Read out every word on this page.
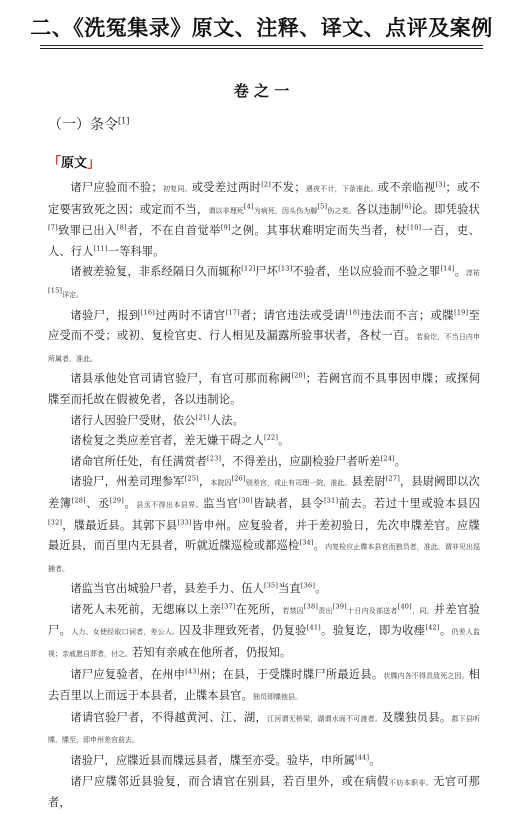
二、《洗冤集录》原文、注释、译文、点评及案例
卷 之 一
（一）条令[1]
「原文」

诸尸应验而不验；初复同。或受差过两时[2]不发；遇夜不计，下条准此。或不亲临视[3]；或不定要害致死之因；或定而不当，谓以非理死[4]为病死，因头伤为脚[5]伤之类。各以违制[6]论。即凭验状[7]致罪已出入[8]者，不在自首觉举[9]之例。其事状难明定而失当者，杖[10]一百，吏、人、行人[11]一等科罪。

诸被差验复，非系经隔日久而辄称[12]尸坏[13]不验者，坐以应验而不验之罪[14]。淳祐[15]详定。

诸验尸，报到[16]过两时不请官[17]者；请官违法或受请[18]违法而不言；或牒[19]至应受而不受；或初、复检官吏、行人相见及漏露所验事状者，各杖一百。若验讫，不当日内申所属者，准此。

诸县承他处官司请官验尸，有官可那而称阙[20]；若阙官而不具事因申牒；或探伺牒至而托故在假被免者，各以违制论。

诸行人因验尸受财，依公[21]人法。

诸检复之类应差官者，差无嫌干碍之人[22]。

诸命官所任处，有任满赏者[23]，不得差出，应副检验尸者听差[24]。

诸验尸，州差司理参军[25]，本院囚[26]别差官，或止有司理一院，准此。县差尉[27]，县尉阙即以次差簿[28]、丞[29]。县丞不得出本县界。监当官[30]皆缺者，县令[31]前去。若过十里或验本县囚[32]，牒最近县。其郭下县[33]皆申州。应复验者，并于差初验日，先次申牒差官。应牒最近县，而百里内无县者，听就近牒巡检或都巡检[34]。内复检应止牒本县官而独员者，准此，谓非见出巡捕者。

诸监当官出城验尸者，县差手力、伍人[35]当直[36]。

诸死人未死前，无缌麻以上亲[37]在死所，若禁囚[38]责出[39]十日内及部送者[40]，同。并差官验尸。人力、女使经取口词者，差公人。囚及非理致死者，仍复验[41]。验复讫，即为收瘗[42]。仍差人监视；亲戚愿自葬者，付之。若知有亲戚在他所者，仍报知。

诸尸应复验者，在州申[43]州；在县，于受牒时牒尸所最近县。状牒内各不得具致死之因。相去百里以上而远于本县者，止牒本县官。独员即牒他县。

诸请官验尸者，不得越黄河、江、湖，江河谓无桥梁，湖谓水面不可渡者。及牒独员县。郡下县听牒，牒至，即申州差官前去。

诸验尸，应牒近县而牒远县者，牒至亦受。验毕，申所属[44]。

诸尸应牒邻近县验复，而合请官在别县，若百里外，或在病假不妨本职非。无官可那者，
